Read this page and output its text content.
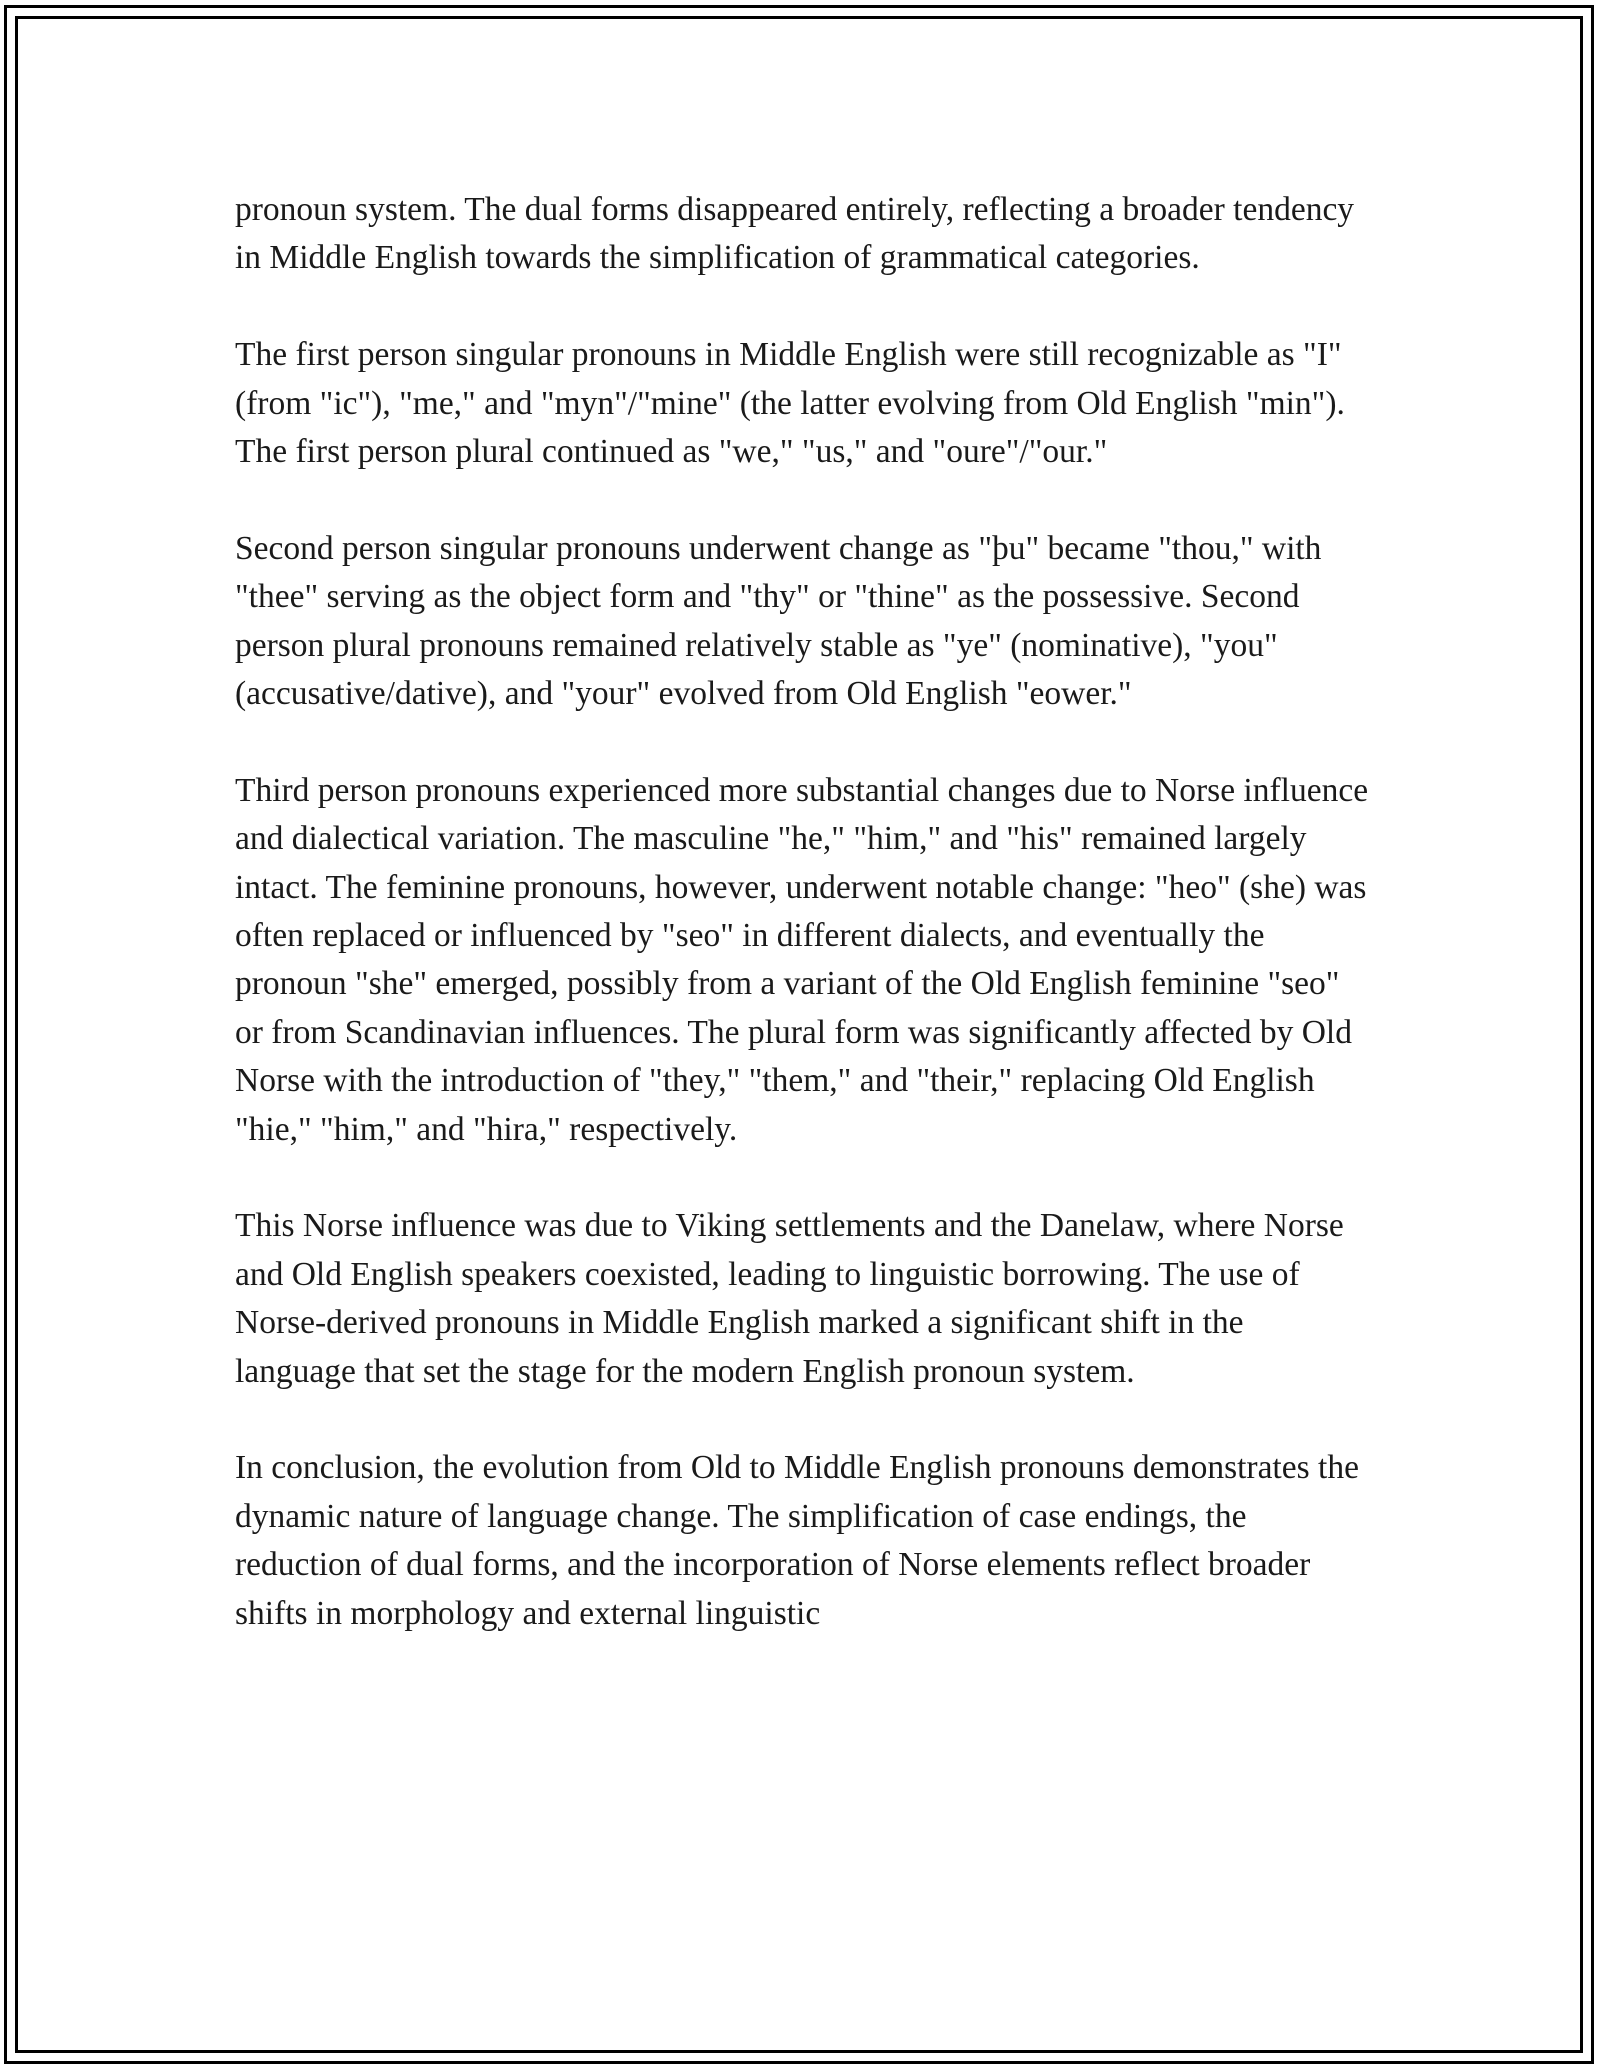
pronoun system. The dual forms disappeared entirely, reflecting a broader tendency in Middle English towards the simplification of grammatical categories.

The first person singular pronouns in Middle English were still recognizable as "I" (from "ic"), "me," and "myn"/"mine" (the latter evolving from Old English "min"). The first person plural continued as "we," "us," and "oure"/"our."

Second person singular pronouns underwent change as "þu" became "thou," with "thee" serving as the object form and "thy" or "thine" as the possessive. Second person plural pronouns remained relatively stable as "ye" (nominative), "you" (accusative/dative), and "your" evolved from Old English "eower."

Third person pronouns experienced more substantial changes due to Norse influence and dialectical variation. The masculine "he," "him," and "his" remained largely intact. The feminine pronouns, however, underwent notable change: "heo" (she) was often replaced or influenced by "seo" in different dialects, and eventually the pronoun "she" emerged, possibly from a variant of the Old English feminine "seo" or from Scandinavian influences. The plural form was significantly affected by Old Norse with the introduction of "they," "them," and "their," replacing Old English "hie," "him," and "hira," respectively.

This Norse influence was due to Viking settlements and the Danelaw, where Norse and Old English speakers coexisted, leading to linguistic borrowing. The use of Norse-derived pronouns in Middle English marked a significant shift in the language that set the stage for the modern English pronoun system.

In conclusion, the evolution from Old to Middle English pronouns demonstrates the dynamic nature of language change. The simplification of case endings, the reduction of dual forms, and the incorporation of Norse elements reflect broader shifts in morphology and external linguistic
